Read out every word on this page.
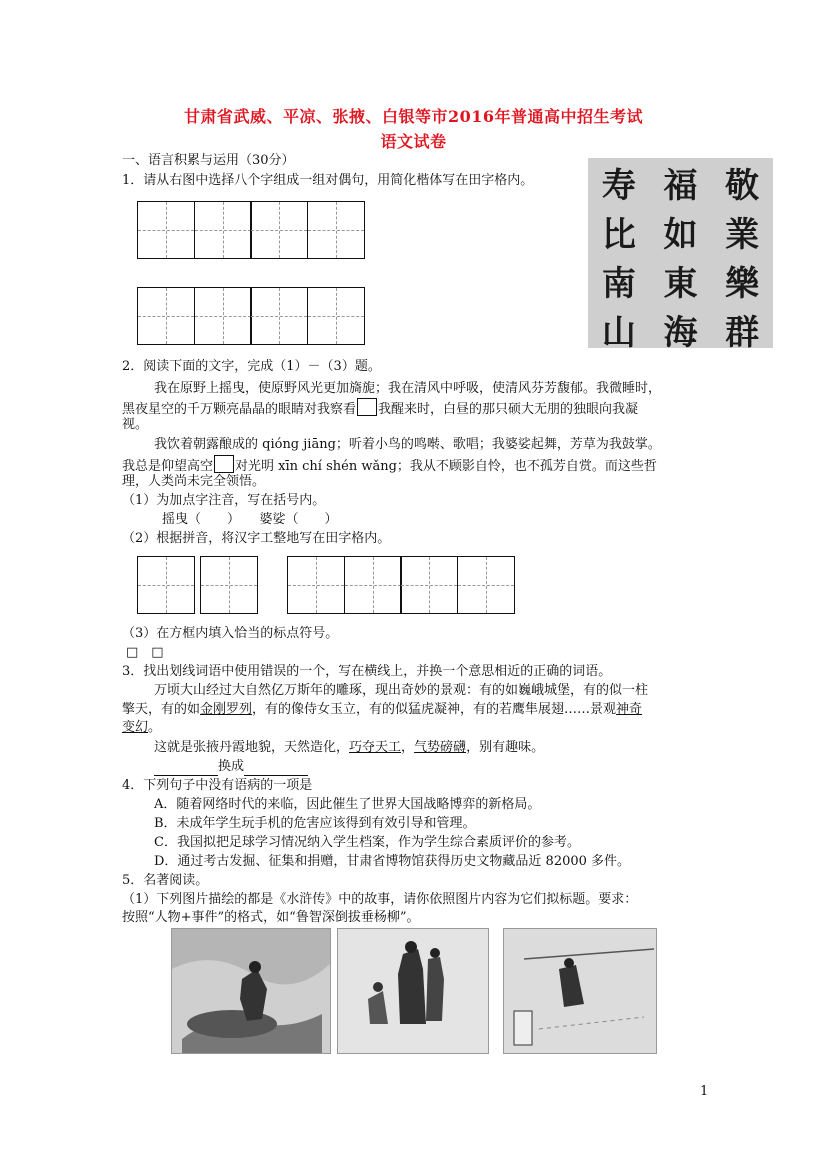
甘肃省武威、平凉、张掖、白银等市2016年普通高中招生考试
语文试卷
一、语言积累与运用（30分）
1．请从右图中选择八个字组成一组对偶句，用简化楷体写在田字格内。	寿 福 敬
比 如 業
南 東 樂
山 海 群
2．阅读下面的文字，完成（1）－（3）题。
我在原野上摇曳，使原野风光更加旖旎；我在清风中呼吸，使清风芬芳馥郁。我微睡时，
黑夜星空的千万颗亮晶晶的眼睛对我察看 我醒来时，白昼的那只硕大无朋的独眼向我凝
视。
我饮着朝露酿成的 qióng jiāng；听着小鸟的鸣啭、歌唱；我婆娑起舞，芳草为我鼓掌。
我总是仰望高空 对光明 xīn chí shén wǎng；我从不顾影自怜，也不孤芳自赏。而这些哲
理，人类尚未完全领悟。
（1）为加点字注音，写在括号内。
摇曳（　　）　　婆娑（　　）
（2）根据拼音，将汉字工整地写在田字格内。
（3）在方框内填入恰当的标点符号。
□　□
3．找出划线词语中使用错误的一个，写在横线上，并换一个意思相近的正确的词语。
万顷大山经过大自然亿万斯年的雕琢，现出奇妙的景观：有的如巍峨城堡，有的似一柱
擎天，有的如金刚罗列，有的像侍女玉立，有的似猛虎凝神，有的若鹰隼展翅……景观神奇
变幻。
这就是张掖丹霞地貌，天然造化，巧夺天工，气势磅礴，别有趣味。
换成
4．下列句子中没有语病的一项是
A．随着网络时代的来临，因此催生了世界大国战略博弈的新格局。
B．未成年学生玩手机的危害应该得到有效引导和管理。
C．我国拟把足球学习情况纳入学生档案，作为学生综合素质评价的参考。
D．通过考古发掘、征集和捐赠，甘肃省博物馆获得历史文物藏品近 82000 多件。
5．名著阅读。
（1）下列图片描绘的都是《水浒传》中的故事，请你依照图片内容为它们拟标题。要求：
按照“人物+事件”的格式，如“鲁智深倒拔垂杨柳”。
1
